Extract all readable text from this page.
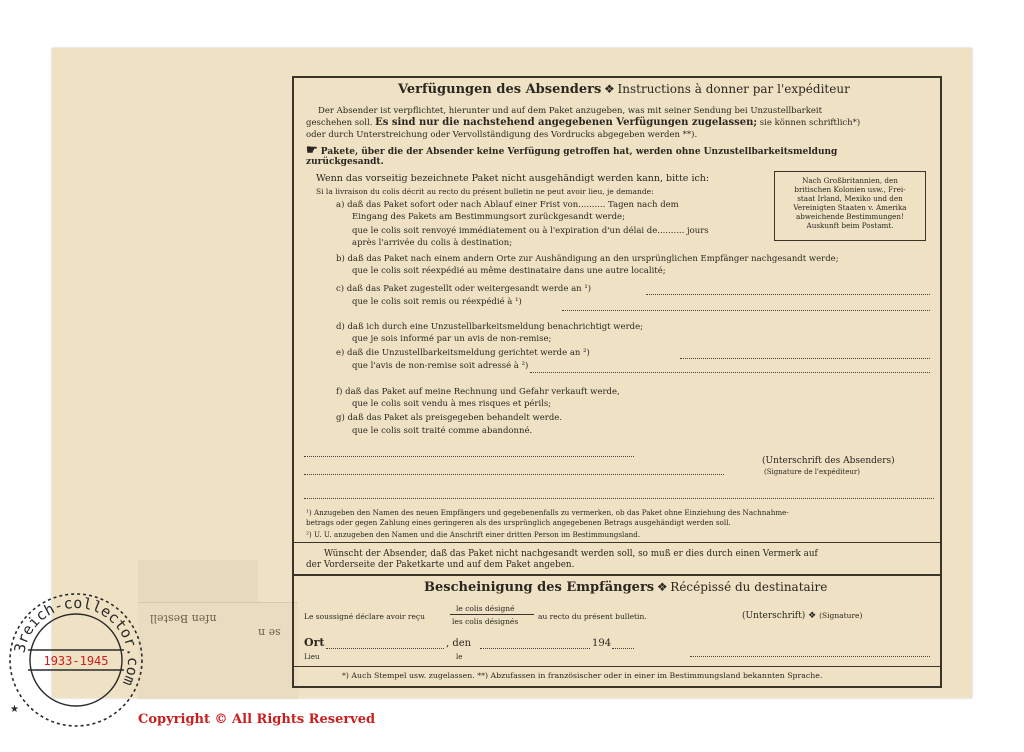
nfen Bestell
se n
Verfügungen des Absenders ❖ Instructions à donner par l'expéditeur
Der Absender ist verpflichtet, hierunter und auf dem Paket anzugeben, was mit seiner Sendung bei Unzustellbarkeit
geschehen soll. Es sind nur die nachstehend angegebenen Verfügungen zugelassen; sie können schriftlich*)
oder durch Unterstreichung oder Vervollständigung des Vordrucks abgegeben werden **).
☛ Pakete, über die der Absender keine Verfügung getroffen hat, werden ohne Unzustellbarkeitsmeldung
zurückgesandt.
Wenn das vorseitig bezeichnete Paket nicht ausgehändigt werden kann, bitte ich:
Si la livraison du colis décrit au recto du présent bulletin ne peut avoir lieu, je demande:
Nach Großbritannien, den
britischen Kolonien usw., Frei-
staat Irland, Mexiko und den
Vereinigten Staaten v. Amerika
abweichende Bestimmungen!
Auskunft beim Postamt.
a) daß das Paket sofort oder nach Ablauf einer Frist von.......... Tagen nach dem
Eingang des Pakets am Bestimmungsort zurückgesandt werde;
que le colis soit renvoyé immédiatement ou à l'expiration d'un délai de.......... jours
après l'arrivée du colis à destination;
b) daß das Paket nach einem andern Orte zur Aushändigung an den ursprünglichen Empfänger nachgesandt werde;
que le colis soit réexpédié au même destinataire dans une autre localité;
c) daß das Paket zugestellt oder weitergesandt werde an ¹)
que le colis soit remis ou réexpédié à ¹)
d) daß ich durch eine Unzustellbarkeitsmeldung benachrichtigt werde;
que je sois informé par un avis de non-remise;
e) daß die Unzustellbarkeitsmeldung gerichtet werde an ²)
que l'avis de non-remise soit adressé à ²)
f) daß das Paket auf meine Rechnung und Gefahr verkauft werde,
que le colis soit vendu à mes risques et périls;
g) daß das Paket als preisgegeben behandelt werde.
que le colis soit traité comme abandonné.
(Unterschrift des Absenders)
(Signature de l'expéditeur)
¹) Anzugeben den Namen des neuen Empfängers und gegebenenfalls zu vermerken, ob das Paket ohne Einziehung des Nachnahme-
betrags oder gegen Zahlung eines geringeren als des ursprünglich angegebenen Betrags ausgehändigt werden soll.
²) U. U. anzugeben den Namen und die Anschrift einer dritten Person im Bestimmungsland.
Wünscht der Absender, daß das Paket nicht nachgesandt werden soll, so muß er dies durch einen Vermerk auf
der Vorderseite der Paketkarte und auf dem Paket angeben.
Bescheinigung des Empfängers ❖ Récépissé du destinataire
Le soussigné déclare avoir reçu
le colis désigné
les colis désignés
au recto du présent bulletin.	(Unterschrift) ❖ (Signature)
Ort
Lieu
, den
le
194
*) Auch Stempel usw. zugelassen. **) Abzufassen in französischer oder in einer im Bestimmungsland bekannten Sprache.
3reich-collector.com
1933-1945
★
Copyright © All Rights Reserved
